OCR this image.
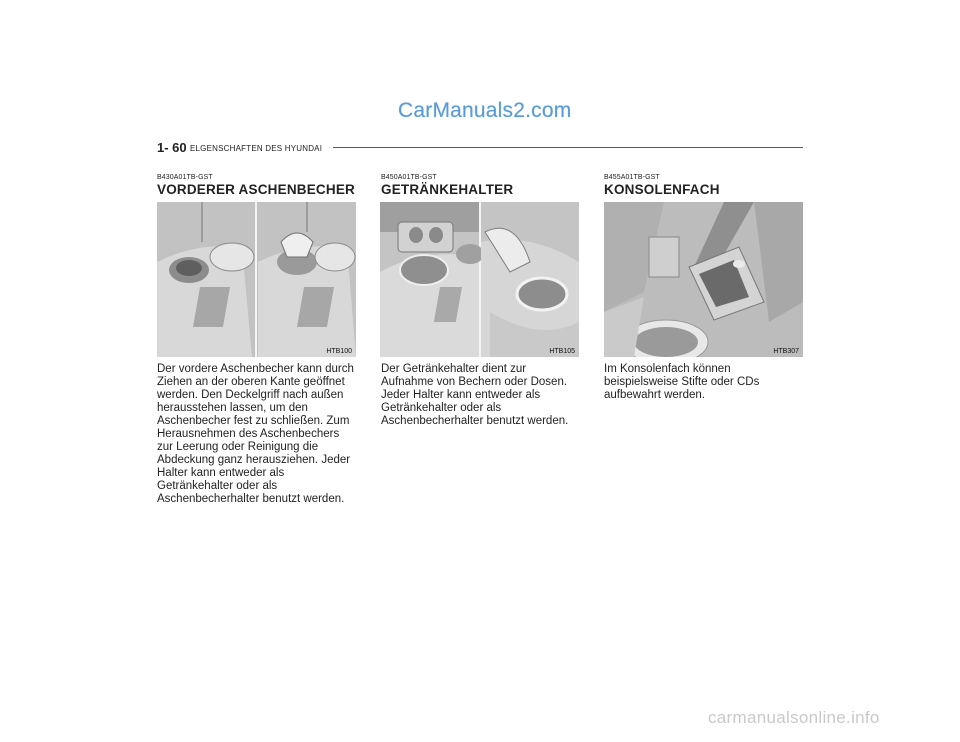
CarManuals2.com
1- 60 ELGENSCHAFTEN DES HYUNDAI
B430A01TB-GST
VORDERER ASCHENBECHER
HTB100
Der vordere Aschenbecher kann durch
Ziehen an der oberen Kante geöffnet
werden. Den Deckelgriff nach außen
herausstehen lassen, um den
Aschenbecher fest zu schließen. Zum
Herausnehmen des Aschenbechers
zur Leerung oder Reinigung die
Abdeckung ganz herausziehen. Jeder
Halter kann entweder als
Getränkehalter oder als
Aschenbecherhalter benutzt werden.
B450A01TB-GST
GETRÄNKEHALTER
HTB105
Der Getränkehalter dient zur
Aufnahme von Bechern oder Dosen.
Jeder Halter kann entweder als
Getränkehalter oder als
Aschenbecherhalter benutzt werden.
B455A01TB-GST
KONSOLENFACH
HTB307
Im Konsolenfach können
beispielsweise Stifte oder CDs
aufbewahrt werden.
carmanualsonline.info
